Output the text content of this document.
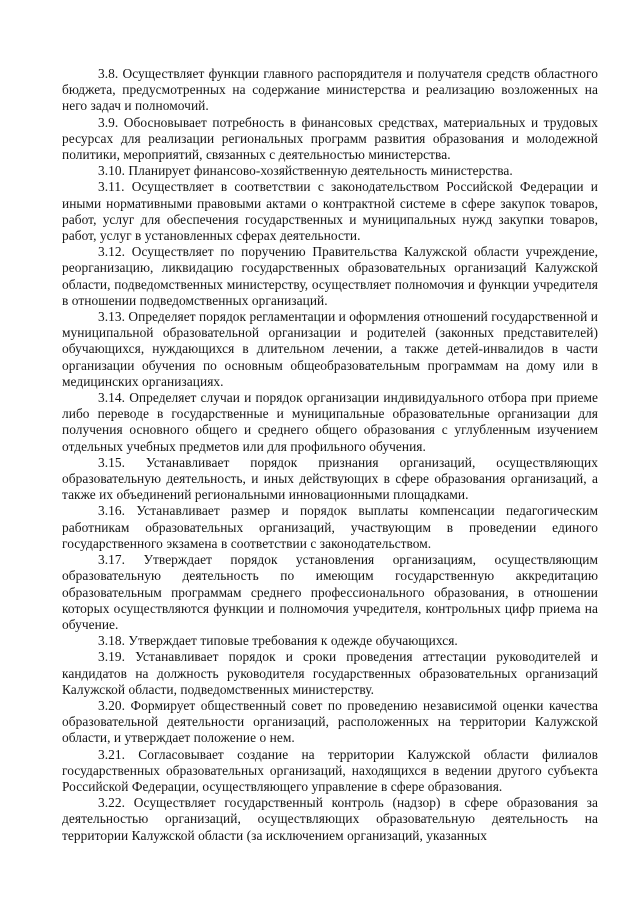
3.8. Осуществляет функции главного распорядителя и получателя средств областного бюджета, предусмотренных на содержание министерства и реализацию возложенных на него задач и полномочий.

3.9. Обосновывает потребность в финансовых средствах, материальных и трудовых ресурсах для реализации региональных программ развития образования и молодежной политики, мероприятий, связанных с деятельностью министерства.

3.10. Планирует финансово-хозяйственную деятельность министерства.

3.11. Осуществляет в соответствии с законодательством Российской Федерации и иными нормативными правовыми актами о контрактной системе в сфере закупок товаров, работ, услуг для обеспечения государственных и муниципальных нужд закупки товаров, работ, услуг в установленных сферах деятельности.

3.12. Осуществляет по поручению Правительства Калужской области учреждение, реорганизацию, ликвидацию государственных образовательных организаций Калужской области, подведомственных министерству, осуществляет полномочия и функции учредителя в отношении подведомственных организаций.

3.13. Определяет порядок регламентации и оформления отношений государственной и муниципальной образовательной организации и родителей (законных представителей) обучающихся, нуждающихся в длительном лечении, а также детей-инвалидов в части организации обучения по основным общеобразовательным программам на дому или в медицинских организациях.

3.14. Определяет случаи и порядок организации индивидуального отбора при приеме либо переводе в государственные и муниципальные образовательные организации для получения основного общего и среднего общего образования с углубленным изучением отдельных учебных предметов или для профильного обучения.

3.15. Устанавливает порядок признания организаций, осуществляющих образовательную деятельность, и иных действующих в сфере образования организаций, а также их объединений региональными инновационными площадками.

3.16. Устанавливает размер и порядок выплаты компенсации педагогическим работникам образовательных организаций, участвующим в проведении единого государственного экзамена в соответствии с законодательством.

3.17. Утверждает порядок установления организациям, осуществляющим образовательную деятельность по имеющим государственную аккредитацию образовательным программам среднего профессионального образования, в отношении которых осуществляются функции и полномочия учредителя, контрольных цифр приема на обучение.

3.18. Утверждает типовые требования к одежде обучающихся.

3.19. Устанавливает порядок и сроки проведения аттестации руководителей и кандидатов на должность руководителя государственных образовательных организаций Калужской области, подведомственных министерству.

3.20. Формирует общественный совет по проведению независимой оценки качества образовательной деятельности организаций, расположенных на территории Калужской области, и утверждает положение о нем.

3.21. Согласовывает создание на территории Калужской области филиалов государственных образовательных организаций, находящихся в ведении другого субъекта Российской Федерации, осуществляющего управление в сфере образования.

3.22. Осуществляет государственный контроль (надзор) в сфере образования за деятельностью организаций, осуществляющих образовательную деятельность на территории Калужской области (за исключением организаций, указанных
